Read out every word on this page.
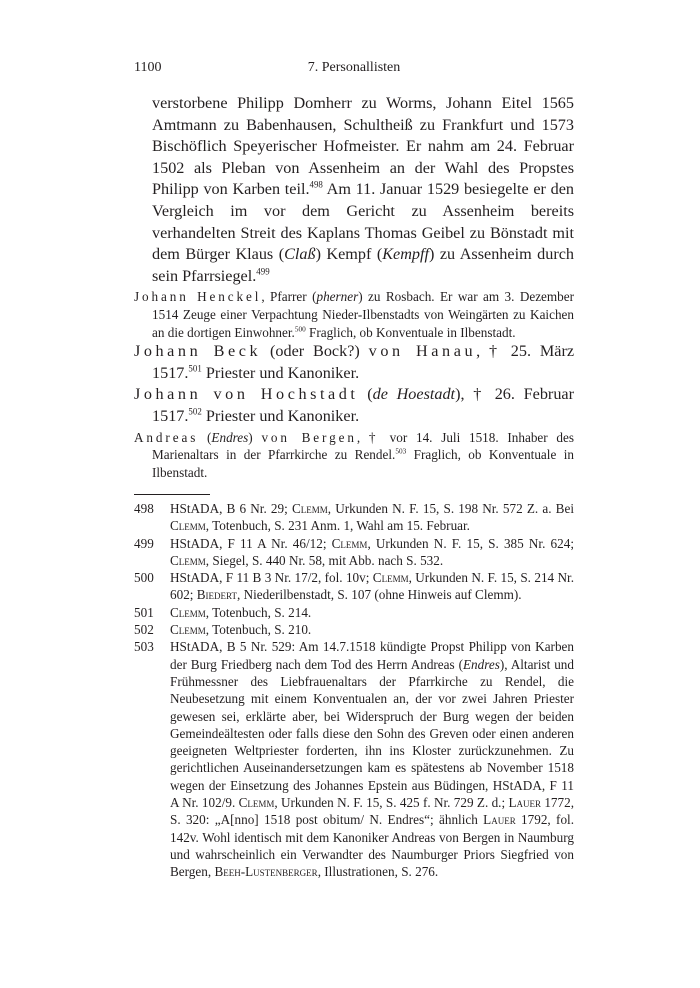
1100	7. Personallisten
verstorbene Philipp Domherr zu Worms, Johann Eitel 1565 Amtmann zu Babenhausen, Schultheiß zu Frankfurt und 1573 Bischöflich Speyerischer Hofmeister. Er nahm am 24. Februar 1502 als Pleban von Assenheim an der Wahl des Propstes Philipp von Karben teil.$^{498}$ Am 11. Januar 1529 besiegelte er den Vergleich im vor dem Gericht zu Assenheim bereits verhandelten Streit des Kaplans Thomas Geibel zu Bönstadt mit dem Bürger Klaus (Claß) Kempf (Kempff) zu Assenheim durch sein Pfarrsiegel.$^{499}$
Johann Henckel, Pfarrer (pherner) zu Rosbach. Er war am 3. Dezember 1514 Zeuge einer Verpachtung Nieder-Ilbenstadts von Weingärten zu Kaichen an die dortigen Einwohner.$^{500}$ Fraglich, ob Konventuale in Ilbenstadt.
Johann Beck (oder Bock?) von Hanau, † 25. März 1517.$^{501}$ Priester und Kanoniker.
Johann von Hochstadt (de Hoestadt), † 26. Februar 1517.$^{502}$ Priester und Kanoniker.
Andreas (Endres) von Bergen, † vor 14. Juli 1518. Inhaber des Marienaltars in der Pfarrkirche zu Rendel.$^{503}$ Fraglich, ob Konventuale in Ilbenstadt.
498 HStADA, B 6 Nr. 29; Clemm, Urkunden N. F. 15, S. 198 Nr. 572 Z. a. Bei Clemm, Totenbuch, S. 231 Anm. 1, Wahl am 15. Februar.
499 HStADA, F 11 A Nr. 46/12; Clemm, Urkunden N. F. 15, S. 385 Nr. 624; Clemm, Siegel, S. 440 Nr. 58, mit Abb. nach S. 532.
500 HStADA, F 11 B 3 Nr. 17/2, fol. 10v; Clemm, Urkunden N. F. 15, S. 214 Nr. 602; Biedert, Niederilbenstadt, S. 107 (ohne Hinweis auf Clemm).
501 Clemm, Totenbuch, S. 214.
502 Clemm, Totenbuch, S. 210.
503 HStADA, B 5 Nr. 529: Am 14.7.1518 kündigte Propst Philipp von Karben der Burg Friedberg nach dem Tod des Herrn Andreas (Endres), Altarist und Frühmessner des Liebfrauenaltars der Pfarrkirche zu Rendel, die Neubesetzung mit einem Konventualen an, der vor zwei Jahren Priester gewesen sei, erklärte aber, bei Widerspruch der Burg wegen der beiden Gemeindeältesten oder falls diese den Sohn des Greven oder einen anderen geeigneten Weltpriester forderten, ihn ins Kloster zurückzunehmen. Zu gerichtlichen Auseinandersetzungen kam es spätestens ab November 1518 wegen der Einsetzung des Johannes Epstein aus Büdingen, HStADA, F 11 A Nr. 102/9. Clemm, Urkunden N. F. 15, S. 425 f. Nr. 729 Z. d.; Lauer 1772, S. 320: „A[nno] 1518 post obitum/ N. Endres“; ähnlich Lauer 1792, fol. 142v. Wohl identisch mit dem Kanoniker Andreas von Bergen in Naumburg und wahrscheinlich ein Verwandter des Naumburger Priors Siegfried von Bergen, Beeh-Lustenberger, Illustrationen, S. 276.
